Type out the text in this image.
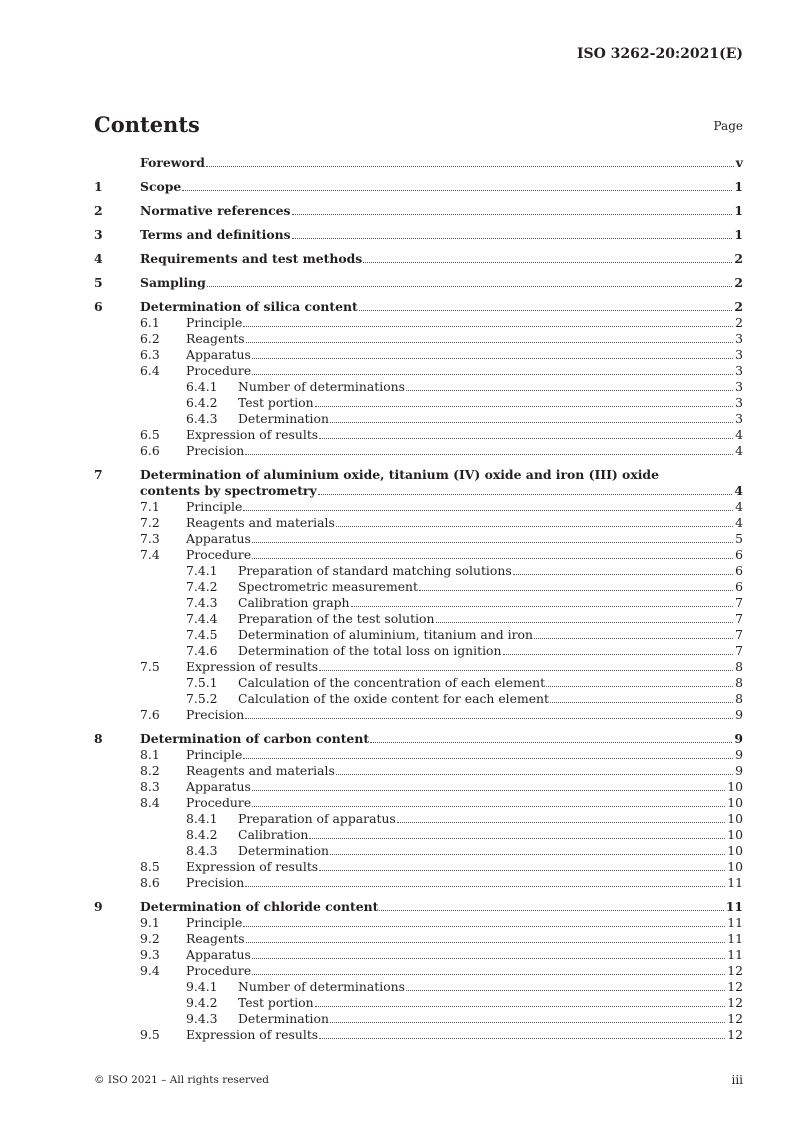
ISO 3262-20:2021(E)
Contents	Page
Foreword	v
1	Scope	1
2	Normative references	1
3	Terms and definitions	1
4	Requirements and test methods	2
5	Sampling	2
6	Determination of silica content	2
6.1	Principle	2
6.2	Reagents	3
6.3	Apparatus	3
6.4	Procedure	3
6.4.1	Number of determinations	3
6.4.2	Test portion	3
6.4.3	Determination	3
6.5	Expression of results	4
6.6	Precision	4
7	Determination of aluminium oxide, titanium (IV) oxide and iron (III) oxide
contents by spectrometry	4
7.1	Principle	4
7.2	Reagents and materials	4
7.3	Apparatus	5
7.4	Procedure	6
7.4.1	Preparation of standard matching solutions	6
7.4.2	Spectrometric measurement	6
7.4.3	Calibration graph	7
7.4.4	Preparation of the test solution	7
7.4.5	Determination of aluminium, titanium and iron	7
7.4.6	Determination of the total loss on ignition	7
7.5	Expression of results	8
7.5.1	Calculation of the concentration of each element	8
7.5.2	Calculation of the oxide content for each element	8
7.6	Precision	9
8	Determination of carbon content	9
8.1	Principle	9
8.2	Reagents and materials	9
8.3	Apparatus	10
8.4	Procedure	10
8.4.1	Preparation of apparatus	10
8.4.2	Calibration	10
8.4.3	Determination	10
8.5	Expression of results	10
8.6	Precision	11
9	Determination of chloride content	11
9.1	Principle	11
9.2	Reagents	11
9.3	Apparatus	11
9.4	Procedure	12
9.4.1	Number of determinations	12
9.4.2	Test portion	12
9.4.3	Determination	12
9.5	Expression of results	12
© ISO 2021 – All rights reserved	iii
